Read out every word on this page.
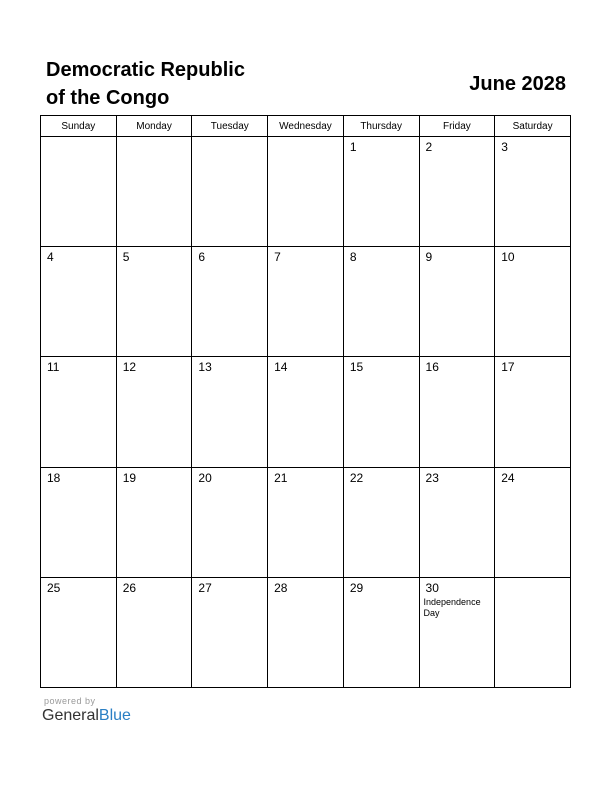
Democratic Republic
of the Congo
June 2028
Sunday	Monday	Tuesday	Wednesday	Thursday	Friday	Saturday

				1	2	3

4	5	6	7	8	9	10

11	12	13	14	15	16	17

18	19	20	21	22	23	24

25	26	27	28	29	30
Independence Day	

powered by
GeneralBlue
